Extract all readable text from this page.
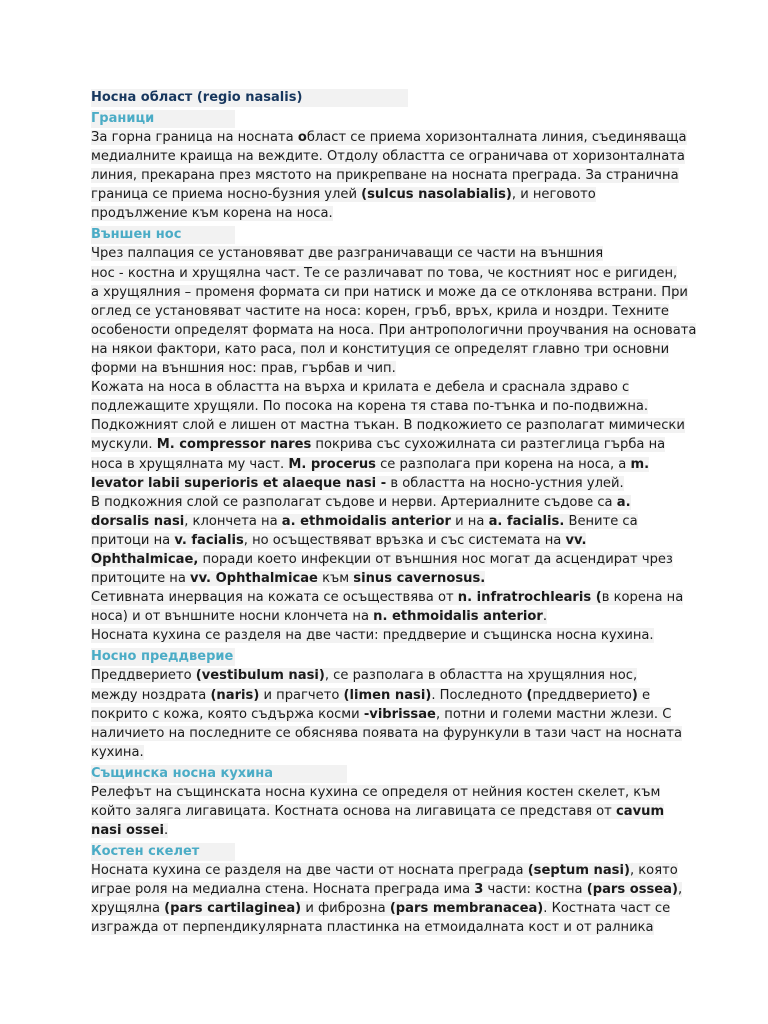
Носна област (regio nasalis)
Граници
За горна граница на носната област се приема хоризонталната линия, съединяваща
медиалните краища на веждите. Отдолу областта се ограничава от хоризонталната
линия, прекарана през мястото на прикрепване на носната преграда. За странична
граница се приема носно-бузния улей (sulcus nasolabialis), и неговото
продължение към корена на носа.
Външен нос
Чрез палпация се установяват две разграничаващи се части на външния
нос - костна и хрущялна част. Те се различават по това, че костният нос е ригиден,
а хрущялния – променя формата си при натиск и може да се отклонява встрани. При
оглед се установяват частите на носа: корен, гръб, връх, крила и ноздри. Техните
особености определят формата на носа. При антропологични проучвания на основата
на някои фактори, като раса, пол и конституция се определят главно три основни
форми на външния нос: прав, гърбав и чип.
Кожата на носа в областта на върха и крилата е дебела и сраснала здраво с
подлежащите хрущяли. По посока на корена тя става по-тънка и по-подвижна.
Подкожният слой е лишен от мастна тъкан. В подкожието се разполагат мимически
мускули. M. compressor nares покрива със сухожилната си разтеглица гърба на
носа в хрущялната му част. M. procerus се разполага при корена на носа, а m.
levator labii superioris et alaeque nasi - в областта на носно-устния улей.
В подкожния слой се разполагат съдове и нерви. Артериалните съдове са a.
dorsalis nasi, клончета на a. ethmoidalis anterior и на a. facialis. Вените са
притоци на v. facialis, но осъществяват връзка и със системата на vv.
Ophthalmicae, поради което инфекции от външния нос могат да асцендират чрез
притоците на vv. Ophthalmicae към sinus cavernosus.
Сетивната инервация на кожата се осъществява от n. infratrochlearis (в корена на
носа) и от външните носни клончета на n. ethmoidalis anterior.
Носната кухина се разделя на две части: преддверие и същинска носна кухина.
Носно преддверие
Преддверието (vestibulum nasi), се разполага в областта на хрущялния нос,
между ноздрата (naris) и прагчето (limen nasi). Последното (преддверието) е
покрито с кожа, която съдържа косми -vibrissae, потни и големи мастни жлези. С
наличието на последните се обяснява появата на фурункули в тази част на носната
кухина.
Същинска носна кухина
Релефът на същинската носна кухина се определя от нейния костен скелет, към
който заляга лигавицата. Костната основа на лигавицата се представя от cavum
nasi ossei.
Костен скелет
Носната кухина се разделя на две части от носната преграда (septum nasi), която
играе роля на медиална стена. Носната преграда има 3 части: костна (pars ossea),
хрущялна (pars cartilaginea) и фиброзна (pars membranacea). Костната част се
изгражда от перпендикулярната пластинка на етмоидалната кост и от ралника
